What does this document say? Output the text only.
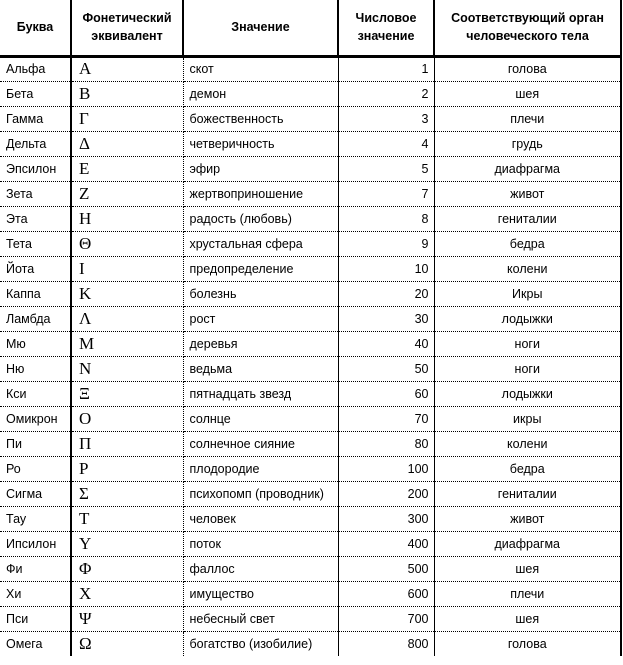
Буква	Фонетический эквивалент	Значение	Числовое значение	Соответствующий орган человеческого тела
Альфа	Α	скот	1	голова
Бета	Β	демон	2	шея
Гамма	Γ	божественность	3	плечи
Дельта	Δ	четверичность	4	грудь
Эпсилон	Ε	эфир	5	диафрагма
Зета	Ζ	жертвоприношение	7	живот
Эта	Η	радость (любовь)	8	гениталии
Тета	Θ	хрустальная сфера	9	бедра
Йота	Ι	предопределение	10	колени
Каппа	Κ	болезнь	20	Икры
Ламбда	Λ	рост	30	лодыжки
Мю	Μ	деревья	40	ноги
Ню	Ν	ведьма	50	ноги
Кси	Ξ	пятнадцать звезд	60	лодыжки
Омикрон	Ο	солнце	70	икры
Пи	Π	солнечное сияние	80	колени
Ро	Ρ	плодородие	100	бедра
Сигма	Σ	психопомп (проводник)	200	гениталии
Тау	Τ	человек	300	живот
Ипсилон	Υ	поток	400	диафрагма
Фи	Φ	фаллос	500	шея
Хи	Χ	имущество	600	плечи
Пси	Ψ	небесный свет	700	шея
Омега	Ω	богатство (изобилие)	800	голова
